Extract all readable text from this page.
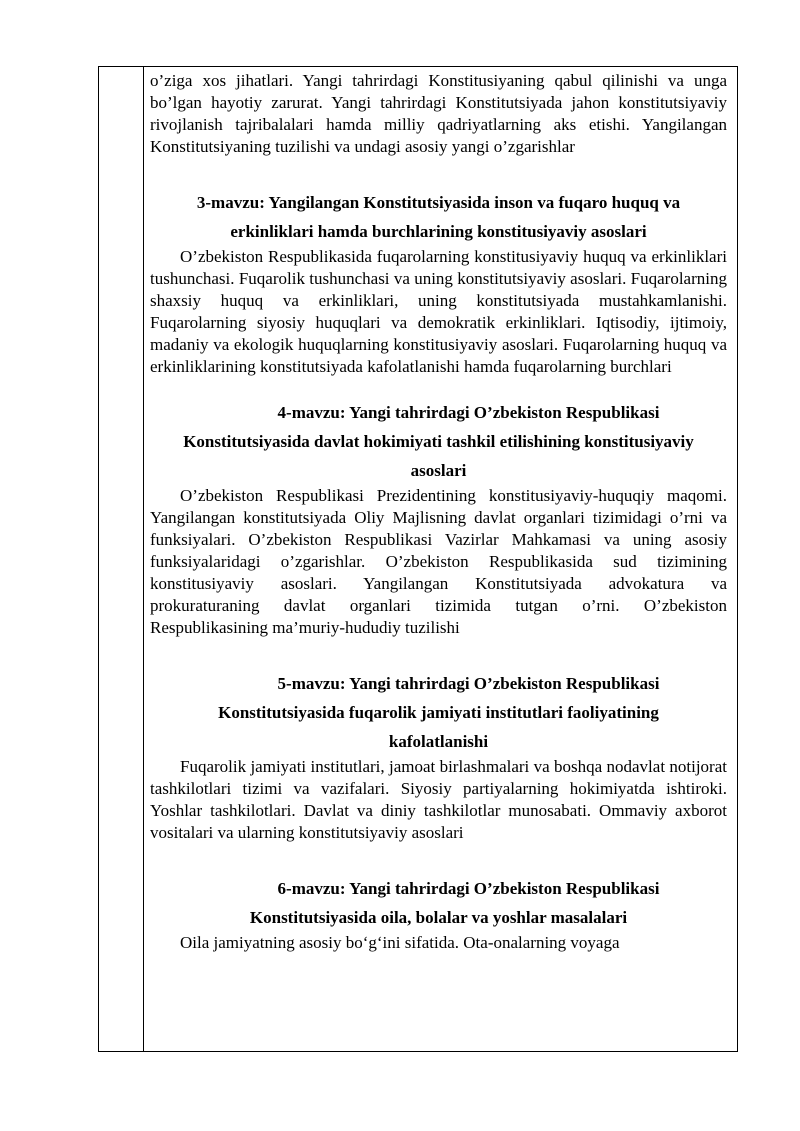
o’ziga xos jihatlari. Yangi tahrirdagi Konstitusiyaning qabul qilinishi va unga bo’lgan hayotiy zarurat. Yangi tahrirdagi Konstitutsiyada jahon konstitutsiyaviy rivojlanish tajribalalari hamda milliy qadriyatlarning aks etishi. Yangilangan Konstitutsiyaning tuzilishi va undagi asosiy yangi o’zgarishlar

3-mavzu: Yangilangan Konstitutsiyasida inson va fuqaro huquq va
erkinliklari hamda burchlarining konstitusiyaviy asoslari

O’zbekiston Respublikasida fuqarolarning konstitusiyaviy huquq va erkinliklari tushunchasi. Fuqarolik tushunchasi va uning konstitutsiyaviy asoslari. Fuqarolarning shaxsiy huquq va erkinliklari, uning konstitutsiyada mustahkamlanishi. Fuqarolarning siyosiy huquqlari va demokratik erkinliklari. Iqtisodiy, ijtimoiy, madaniy va ekologik huquqlarning konstitusiyaviy asoslari. Fuqarolarning huquq va erkinliklarining konstitutsiyada kafolatlanishi hamda fuqarolarning burchlari

4-mavzu: Yangi tahrirdagi O’zbekiston Respublikasi
Konstitutsiyasida davlat hokimiyati tashkil etilishining konstitusiyaviy
asoslari

O’zbekiston Respublikasi Prezidentining konstitusiyaviy-huquqiy maqomi. Yangilangan konstitutsiyada Oliy Majlisning davlat organlari tizimidagi o’rni va funksiyalari. O’zbekiston Respublikasi Vazirlar Mahkamasi va uning asosiy funksiyalaridagi o’zgarishlar. O’zbekiston Respublikasida sud tizimining konstitusiyaviy asoslari. Yangilangan Konstitutsiyada advokatura va prokuraturaning davlat organlari tizimida tutgan o’rni. O’zbekiston Respublikasining ma’muriy-hududiy tuzilishi

5-mavzu: Yangi tahrirdagi O’zbekiston Respublikasi
Konstitutsiyasida fuqarolik jamiyati institutlari faoliyatining
kafolatlanishi

Fuqarolik jamiyati institutlari, jamoat birlashmalari va boshqa nodavlat notijorat tashkilotlari tizimi va vazifalari. Siyosiy partiyalarning hokimiyatda ishtiroki. Yoshlar tashkilotlari. Davlat va diniy tashkilotlar munosabati. Ommaviy axborot vositalari va ularning konstitutsiyaviy asoslari

6-mavzu: Yangi tahrirdagi O’zbekiston Respublikasi
Konstitutsiyasida oila, bolalar va yoshlar masalalari

Oila jamiyatning asosiy bo‘g‘ini sifatida. Ota-onalarning voyaga
